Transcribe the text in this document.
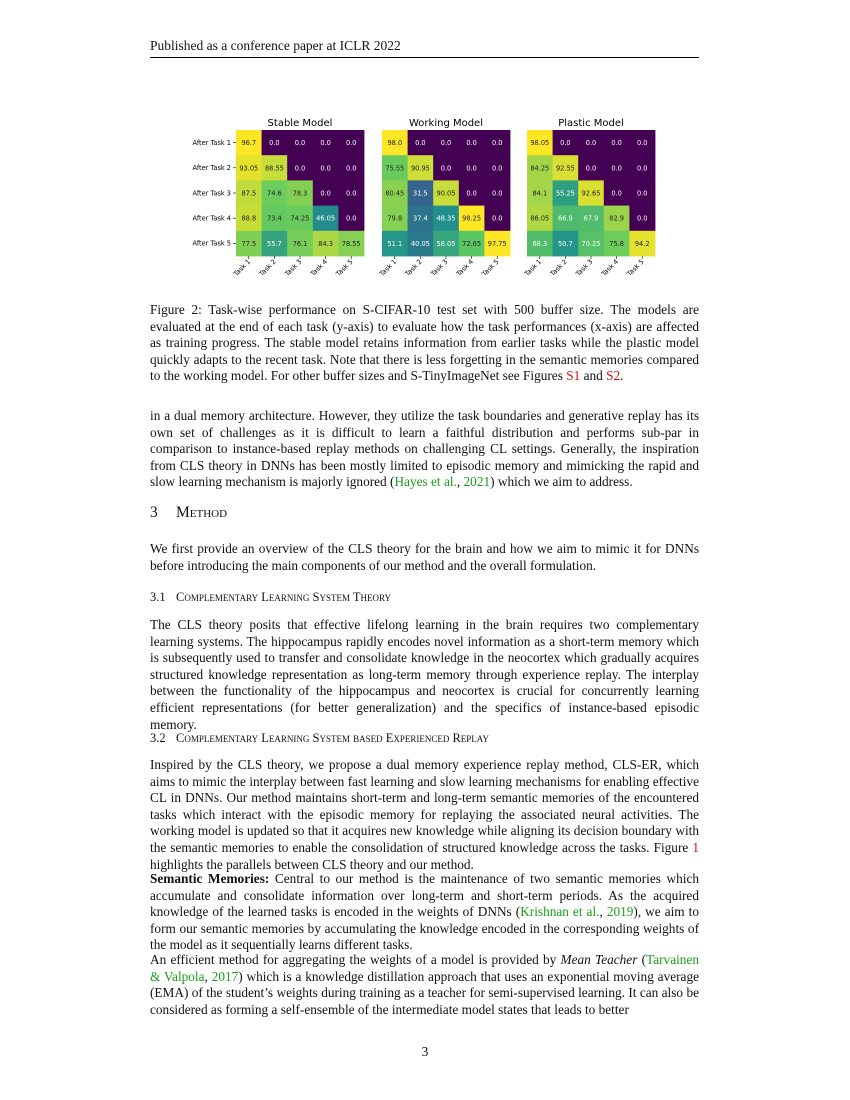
Published as a conference paper at ICLR 2022
Stable Model
96.7 0.0 0.0 0.0 0.0
93.05 88.55 0.0 0.0 0.0
87.5 74.6 78.3 0.0 0.0
88.8 73.4 74.25 46.05 0.0
77.5 55.7 76.1 84.3 78.55
After Task 1
After Task 2
After Task 3
After Task 4
After Task 5
Task 1 Task 2 Task 3 Task 4 Task 5
Working Model
98.0 0.0 0.0 0.0 0.0
75.55 90.95 0.0 0.0 0.0
80.45 31.5 90.05 0.0 0.0
79.8 37.4 48.35 98.25 0.0
51.1 40.05 58.05 72.65 97.75
Task 1 Task 2 Task 3 Task 4 Task 5
Plastic Model
98.05 0.0 0.0 0.0 0.0
84.25 92.55 0.0 0.0 0.0
84.1 55.25 92.65 0.0 0.0
86.05 66.9 67.9 82.9 0.0
68.3 50.7 70.25 75.8 94.2
Task 1 Task 2 Task 3 Task 4 Task 5
Figure 2: Task-wise performance on S-CIFAR-10 test set with 500 buffer size. The models are evaluated at the end of each task (y-axis) to evaluate how the task performances (x-axis) are affected as training progress. The stable model retains information from earlier tasks while the plastic model quickly adapts to the recent task. Note that there is less forgetting in the semantic memories compared to the working model. For other buffer sizes and S-TinyImageNet see Figures S1 and S2.

in a dual memory architecture. However, they utilize the task boundaries and generative replay has its own set of challenges as it is difficult to learn a faithful distribution and performs sub-par in comparison to instance-based replay methods on challenging CL settings. Generally, the inspiration from CLS theory in DNNs has been mostly limited to episodic memory and mimicking the rapid and slow learning mechanism is majorly ignored (Hayes et al., 2021) which we aim to address.

3 Method

We first provide an overview of the CLS theory for the brain and how we aim to mimic it for DNNs before introducing the main components of our method and the overall formulation.

3.1 Complementary Learning System Theory

The CLS theory posits that effective lifelong learning in the brain requires two complementary learning systems. The hippocampus rapidly encodes novel information as a short-term memory which is subsequently used to transfer and consolidate knowledge in the neocortex which gradually acquires structured knowledge representation as long-term memory through experience replay. The interplay between the functionality of the hippocampus and neocortex is crucial for concurrently learning efficient representations (for better generalization) and the specifics of instance-based episodic memory.

3.2 Complementary Learning System based Experienced Replay

Inspired by the CLS theory, we propose a dual memory experience replay method, CLS-ER, which aims to mimic the interplay between fast learning and slow learning mechanisms for enabling effective CL in DNNs. Our method maintains short-term and long-term semantic memories of the encountered tasks which interact with the episodic memory for replaying the associated neural activities. The working model is updated so that it acquires new knowledge while aligning its decision boundary with the semantic memories to enable the consolidation of structured knowledge across the tasks. Figure 1 highlights the parallels between CLS theory and our method.

Semantic Memories: Central to our method is the maintenance of two semantic memories which accumulate and consolidate information over long-term and short-term periods. As the acquired knowledge of the learned tasks is encoded in the weights of DNNs (Krishnan et al., 2019), we aim to form our semantic memories by accumulating the knowledge encoded in the corresponding weights of the model as it sequentially learns different tasks.

An efficient method for aggregating the weights of a model is provided by Mean Teacher (Tarvainen & Valpola, 2017) which is a knowledge distillation approach that uses an exponential moving average (EMA) of the student’s weights during training as a teacher for semi-supervised learning. It can also be considered as forming a self-ensemble of the intermediate model states that leads to better

3
